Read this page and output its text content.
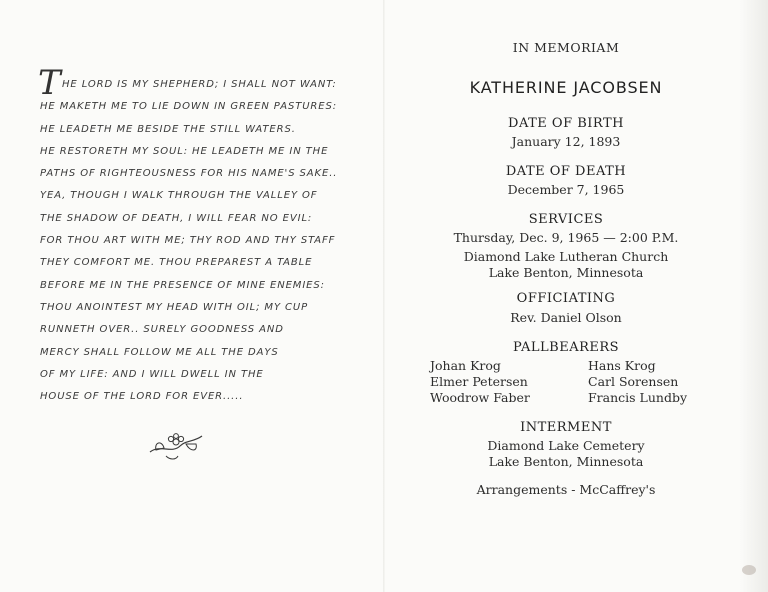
T HE LORD IS MY SHEPHERD; I SHALL NOT WANT:
HE MAKETH ME TO LIE DOWN IN GREEN PASTURES:
HE LEADETH ME BESIDE THE STILL WATERS.
HE RESTORETH MY SOUL: HE LEADETH ME IN THE
PATHS OF RIGHTEOUSNESS FOR HIS NAME'S SAKE..
YEA, THOUGH I WALK THROUGH THE VALLEY OF
THE SHADOW OF DEATH, I WILL FEAR NO EVIL:
FOR THOU ART WITH ME; THY ROD AND THY STAFF
THEY COMFORT ME. THOU PREPAREST A TABLE
BEFORE ME IN THE PRESENCE OF MINE ENEMIES:
THOU ANOINTEST MY HEAD WITH OIL; MY CUP
RUNNETH OVER.. SURELY GOODNESS AND
MERCY SHALL FOLLOW ME ALL THE DAYS
OF MY LIFE: AND I WILL DWELL IN THE
HOUSE OF THE LORD FOR EVER.....
IN MEMORIAM
KATHERINE JACOBSEN
DATE OF BIRTH
January 12, 1893
DATE OF DEATH
December 7, 1965
SERVICES
Thursday, Dec. 9, 1965 — 2:00 P.M.
Diamond Lake Lutheran Church
Lake Benton, Minnesota
OFFICIATING
Rev. Daniel Olson
PALLBEARERS
Johan Krog
Elmer Petersen
Woodrow Faber
Hans Krog
Carl Sorensen
Francis Lundby
INTERMENT
Diamond Lake Cemetery
Lake Benton, Minnesota
Arrangements - McCaffrey's
